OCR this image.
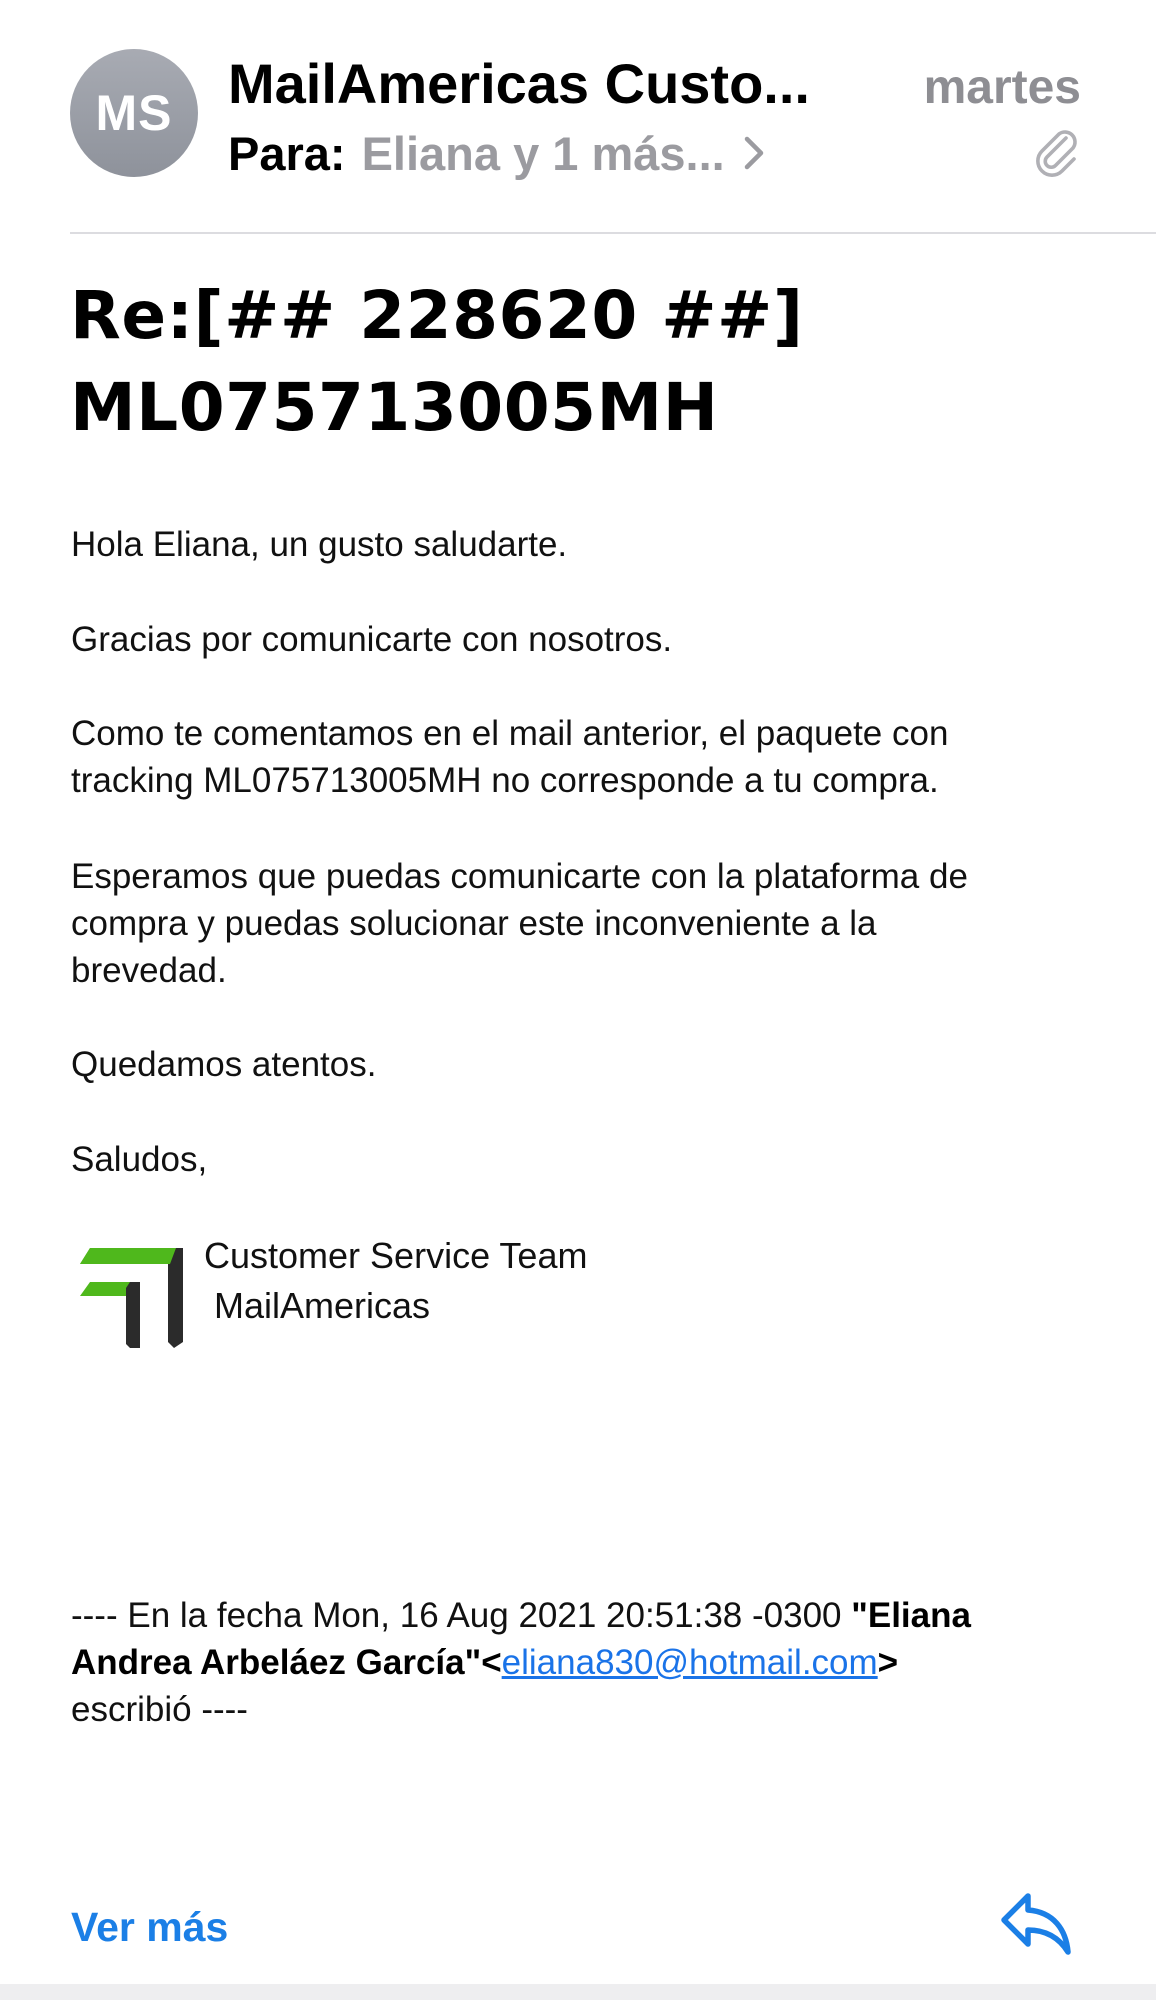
MS MailAmericas Custo...	martes
Para: Eliana y 1 más...
Re:[## 228620 ##]
ML075713005MH
Hola Eliana, un gusto saludarte.
Gracias por comunicarte con nosotros.
Como te comentamos en el mail anterior, el paquete con
tracking ML075713005MH no corresponde a tu compra.
Esperamos que puedas comunicarte con la plataforma de
compra y puedas solucionar este inconveniente a la
brevedad.
Quedamos atentos.
Saludos,
Customer Service Team
MailAmericas
---- En la fecha Mon, 16 Aug 2021 20:51:38 -0300 "Eliana
Andrea Arbeláez García"<eliana830@hotmail.com>
escribió ----
Ver más
